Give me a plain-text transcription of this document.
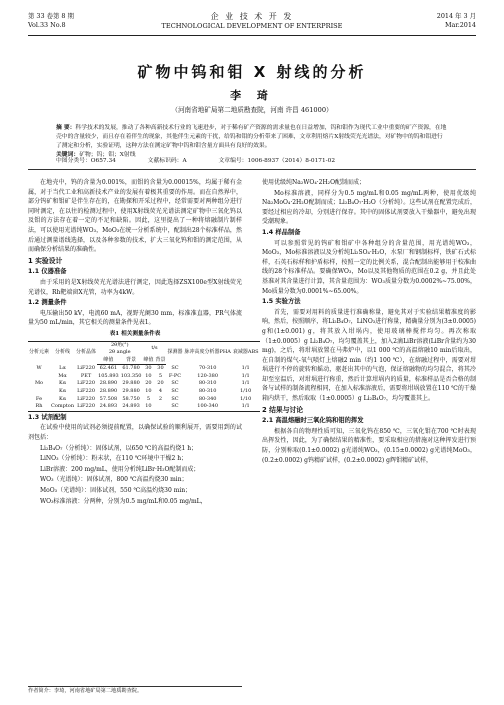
第 33 卷第 8 期
Vol.33 No.8
企 业 技 术 开 发
TECHNOLOGICAL DEVELOPMENT OF ENTERPRISE
2014 年 3 月
Mar.2014
矿物中钨和钼 X 射线的分析
李 琦
（河南省地矿局第二地质勘查院，河南 许昌 461000）
摘 要：科学技术的发展，推动了各种高新技术行业的飞速进步，对于稀有矿产资源的需求量也在日益增加，钨和钼作为现代工业中重要的矿产资源，在地壳中的含量较少，而且存在着伴生的现象，其他伴生元素的干扰，给钨和钼的分析带来了困难，文章利用熔片X射线荧光光谱法，对矿物中的钨和钼进行了测定和分析，实验证明，这种方法在测定矿物中钨和钼含量方面具有良好的效果。
关键词：矿物；钨；钼；X射线
中图分类号：O657.34	文献标识码：A	文章编号：1006-8937（2014）8-0171-02

在地壳中，钨的含量为0.001%，而钼的含量为0.00015%，均属于稀有金属，对于当代工业和高新技术产业的发展有着极其重要的作用。而在自然界中，部分钨矿和钼矿是伴生存在的，在勘探和开采过程中，经常需要对两种组分进行同时测定，在以往的检测过程中，使用X射线荧光光谱法测定矿物中三氧化钨以及钼的方法存在着一定的不足和缺陷。因此，这里提出了一种将熔融制片制样法，可以使用光谱纯WO₃，MoO₃在统一分析系统中，配制出28个标准样品，然后通过测量谱线选择，以及各种参数的技术，扩大三氧化钨和钼的测定范围，从而确保分析结果的准确性。

1 实验设计
1.1 仪器准备

由于采用的是X射线荧光光谱法进行测定，因此选择ZSX100e型X射线荧光光谱仪，Rh靶端窗X光管，功率为4kW。

1.2 测量条件

电压输出50 kV，电流60 mA，视野光阑30 mm，标准准直器，PR气体流量为50 mL/min，其它相关的测量条件见表1。

表1 相关测量条件表
分析元素	分析线	分析晶体	2θ角(°)		t/s		探测器	脉冲高度分析器PHA	衰减器ABS
			2θ angle						
			峰值	背景	峰值	背景			
W	Lα	LiF220	62.461	61.780	30	30	SC	70-310	1/1
	Mα	PET	105.893	103.350	10	5	F-PC	120-380	1/1
Mo	Kα	LiF220	28.890	29.880	20	20	SC	80-310	1/1
	Kα	LiF220	28.890	29.880	10	4	SC	80-310	1/10
Fe	Kα	LiF220	57.508	58.750	5	2	SC	80-340	1/10
Rh	Compton	LiF220	24.893	24.893	10		SC	100-340	1/1
1.3 试剂配制

在试验中使用的试剂必须提前配置，以确保试验的顺利展开，需要用到的试剂包括：

Li₂B₄O₇（分析纯）：固体试剂，以650 ℃的高温灼烧1 h；

LiNO₃（分析纯）：粉末状，在110 ℃环境中干燥2 h；

LiBr溶液：200 mg/mL，使用分析纯LiBr·H₂O配制而成；

WO₃（光谱纯）：固体试剂，800 ℃高温灼烧30 min；

MoO₃（光谱纯）：固体试剂，550 ℃高温灼烧30 min；

WO₃标准溶液：分两种，分别为0.5 mg/mL和0.05 mg/mL，

使用优级纯Na₂WO₄·2H₂O配制而成；

Mo标准溶液，同样分为0.5 mg/mL和0.05 mg/mL两种，使用优级纯Na₂MoO₄·2H₂O配制而成；Li₂B₄O₇·H₂O（分析纯）。这些试剂在配置完成后，要经过相应的冷却，分别进行保存。其中的固体试剂要放入干燥器中，避免出现受潮现象。

1.4 样品制备

可以参照常见的钨矿和钼矿中各种组分的含量范围，用光谱纯WO₃，MoO₃，Mo标准溶液以及分析纯Li₂SO₄·H₂O，水泵厂和钢制标样，铁矿石式标样，石英石标样和护盾标样，按照一定的比例关系，混合配制出能够用于校准曲线的28个标准样品。要确保WO₃，Mo以及其他物质的范围在0.2 g，并且此处基准对其含量进行计算，其含量范围为：WO₃质量分数为0.0002%~75.00%，Mo质量分数为0.0001%~65.00%。

1.5 实验方法

首先，需要对用料的质量进行准确称量，避免其对于实验结果精准度的影响，然后，按照顺序，将Li₂B₄O₇，LiNO₃进行称量，精确量分别为(3±0.0005) g和(1±0.001) g，将其放入坩埚内，使用玻璃棒搅拌均匀。再次称取（1±0.0005）g Li₂B₄O₇，均匀覆盖其上，加入2滴LiBr溶液(LiBr含量约为30 mg)，之后，将坩埚放置在马弗炉中，以1 000 ℃的高温熔融10 min后取出，在自制的煤气-氧气喷灯上熔融2 min（约1 100 ℃），在熔融过程中，需要对坩埚进行不停的旋转和摇动，驱赶出其中的气泡，保证熔融物的均匀混合，将其冷却至室温后，对坩埚进行称重，然后计算坩埚内的质量，标准样品是否合格的制备与试样的制备流程相同，在加入标准溶液后，需要将坩埚放置在110 ℃的干燥箱内烘干，然后取取（1±0.0005）g Li₂B₄O₇，均匀覆盖其上。

2 结果与讨论
2.1 高温熔融时三氧化钨和钼的挥发

根据各自的物理性质可知，三氧化钨在850 ℃，三氧化钼在700 ℃时表现出挥发性，因此，为了确保结果的精准性，要采取相应的措施对这种挥发进行预防，分别称取(0.1±0.0002) g光谱纯WO₃，(0.15±0.0002) g光谱纯MoO₃，(0.2±0.0002) g钨精矿试样，(0.2±0.0002) g辉钼精矿试样，

作者简介：李琦，河南省地矿局第二地质勘查院。
